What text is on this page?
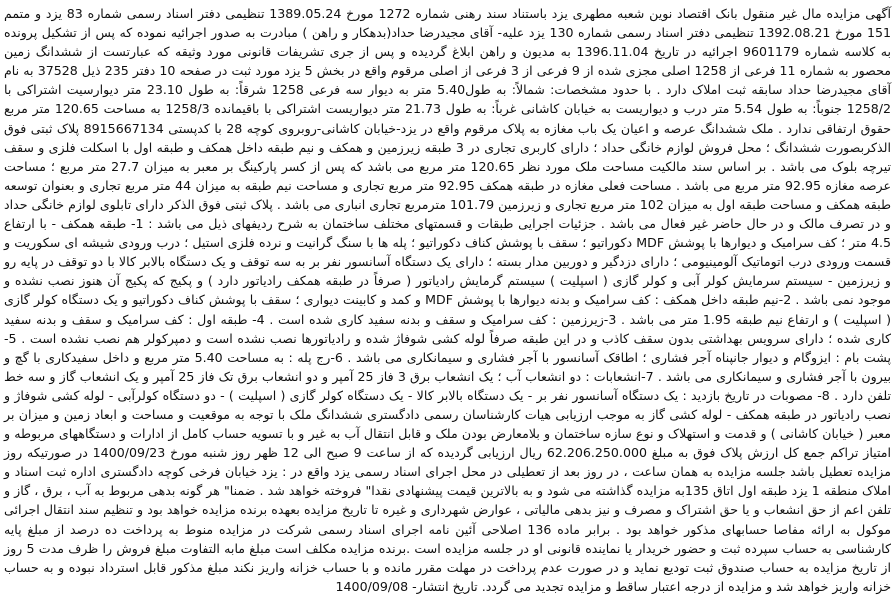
آگهی مزایده مال غیر منقول بانک اقتصاد نوین شعبه مطهری یزد باستناد سند رهنی شماره 1272 مورخ 1389.05.24 تنظیمی دفتر اسناد رسمی شماره 83 یزد و متمم 151 مورخ 1392.08.21 تنظیمی دفتر اسناد رسمی شماره 130 یزد علیه- آقای مجیدرضا حداد(بدهکار و راهن ) مبادرت به صدور اجرائیه نموده که پس از تشکیل پرونده به کلاسه شماره 9601179 اجرائیه در تاریخ 1396.11.04 به مدیون و راهن ابلاغ گردیده و پس از جری تشریفات قانونی مورد وثیقه که عبارتست از ششدانگ زمین محصور به شماره 11 فرعی از 1258 اصلی مجزی شده از 9 فرعی از 3 فرعی از اصلی مرقوم واقع در بخش 5 یزد مورد ثبت در صفحه 10 دفتر 235 ذیل 37528 به نام آقای مجیدرضا حداد سابقه ثبت املاک دارد . با حدود مشخصات: شمالاً: به طول5.40 متر به دیوار سه فرعی 1258 شرقاً: به طول 23.10 متر دیوارسیت اشتراکی با 1258/2 جنوباً: به طول 5.54 متر درب و دیواریست به خیابان کاشانی غرباً: به طول 21.73 متر دیواریست اشتراکی با باقیمانده 1258/3 به مساحت 120.65 متر مربع حقوق ارتفاقی ندارد . ملک ششدانگ عرصه و اعیان یک باب مغازه به پلاک مرقوم واقع در یزد-خیابان کاشانی-روبروی کوچه 28 با کدپستی 8915667134 پلاک ثبتی فوق الذکربصورت ششدانگ ؛ محل فروش لوازم خانگی حداد ؛ دارای کاربری تجاری در 3 طبقه زیرزمین و همکف و نیم طبقه داخل همکف و طبقه اول با اسکلت فلزی و سقف تیرچه بلوک می باشد . بر اساس سند مالکیت مساحت ملک مورد نظر 120.65 متر مربع می باشد که پس از کسر پارکینگ بر معبر به میزان 27.7 متر مربع ؛ مساحت عرصه مغازه 92.95 متر مربع می باشد . مساحت فعلی مغازه در طبقه همکف 92.95 متر مربع تجاری و مساحت نیم طبقه به میزان 44 متر مربع تجاری و بعنوان توسعه طبقه همکف و مساحت طبقه اول به میزان 102 متر مربع تجاری و زیرزمین 101.79 مترمربع تجاری انباری می باشد . پلاک ثبتی فوق الذکر دارای تابلوی لوازم خانگی حداد و در تصرف مالک و در حال حاضر غیر فعال می باشد . جزئیات اجرایی طبقات و قسمتهای مختلف ساختمان به شرح ردیفهای ذیل می باشد : 1- طبقه همکف - با ارتفاع 4.5 متر ؛ کف سرامیک و دیوارها با پوشش MDF دکوراتیو ؛ سقف با پوشش کناف دکوراتیو ؛ پله ها با سنگ گرانیت و نرده فلزی استیل ؛ درب ورودی شیشه ای سکوریت و قسمت ورودی درب اتوماتیک آلومینیومی ؛ دارای دزدگیر و دوربین مدار بسته ؛ دارای یک دستگاه آسانسور نفر بر به سه توقف و یک دستگاه بالابر کالا با دو توقف در پایه رو و زیرزمین - سیستم سرمایش کولر آبی و کولر گازی ( اسپلیت ) سیستم گرمایش رادیاتور ( صرفاً در طبقه همکف رادیاتور دارد ) و پکیج که پکیج آن هنوز نصب نشده و موجود نمی باشد . 2-نیم طبقه داخل همکف : کف سرامیک و بدنه دیوارها با پوشش MDF و کمد و کابینت دیواری ؛ سقف با پوشش کناف دکوراتیو و یک دستگاه کولر گازی ( اسپلیت ) و ارتفاع نیم طبقه 1.95 متر می باشد . 3-زیرزمین : کف سرامیک و سقف و بدنه سفید کاری شده است . 4- طبقه اول : کف سرامیک و سقف و بدنه سفید کاری شده ؛ دارای سرویس بهداشتی بدون سقف کاذب و در این طبقه صرفاً لوله کشی شوفاژ شده و رادیاتورها نصب نشده است و دمپرکولر هم نصب نشده است . 5- پشت بام : ایزوگام و دیوار جانپناه آجر فشاری ؛ اطاقک آسانسور با آجر فشاری و سیمانکاری می باشد . 6-رج پله : به مساحت 5.40 متر مربع و داخل سفیدکاری با گچ و بیرون با آجر فشاری و سیمانکاری می باشد . 7-انشعابات : دو انشعاب آب ؛ یک انشعاب برق 3 فاز 25 آمپر و دو انشعاب برق تک فاز 25 آمپر و یک انشعاب گاز و سه خط تلفن دارد . 8- مصوبات در تاریخ بازدید : یک دستگاه آسانسور نفر بر - یک دستگاه بالابر کالا - یک دستگاه کولر گازی ( اسپلیت ) - دو دستگاه کولرآبی - لوله کشی شوفاژ و نصب رادیاتور در طبقه همکف - لوله کشی گاز به موجب ارزیابی هیات کارشناسان رسمی دادگستری ششدانگ ملک با توجه به موقعیت و مساحت و ابعاد زمین و میزان بر معبر ( خیابان کاشانی ) و قدمت و استهلاک و نوع سازه ساختمان و بلامعارض بودن ملک و قابل انتقال آب به غیر و با تسویه حساب کامل از ادارات و دستگاههای مربوطه و امتیاز تراکم جمع کل ارزش پلاک فوق به مبلغ 62.206.250.000 ریال ارزیابی گردیده که از ساعت 9 صبح الی 12 ظهر روز شنبه مورخ 1400/09/23 در صورتیکه روز مزایده تعطیل باشد جلسه مزایده به همان ساعت ، در روز بعد از تعطیلی در محل اجرای اسناد رسمی یزد واقع در : یزد خیابان فرخی کوچه دادگستری اداره ثبت اسناد و املاک منطقه 1 یزد طبقه اول اتاق 135به مزایده گذاشته می شود و به بالاترین قیمت پیشنهادی نقدا" فروخته خواهد شد . ضمنا" هر گونه بدهی مربوط به آب ، برق ، گاز و تلفن اعم از حق انشعاب و یا حق اشتراک و مصرف و نیز بدهی مالیاتی ، عوارض شهرداری و غیره تا تاریخ مزایده بعهده برنده مزایده خواهد بود و تنظیم سند انتقال اجرائی موکول به ارائه مفاصا حسابهای مذکور خواهد بود . برابر ماده 136 اصلاحی آئین نامه اجرای اسناد رسمی شرکت در مزایده منوط به پرداخت ده درصد از مبلغ پایه کارشناسی به حساب سپرده ثبت و حضور خریدار یا نماینده قانونی او در جلسه مزایده است .برنده مزایده مکلف است مبلغ مابه التفاوت مبلغ فروش را ظرف مدت 5 روز از تاریخ مزایده به حساب صندوق ثبت تودیع نماید و در صورت عدم پرداخت در مهلت مقرر مانده و با حساب خزانه واریز نکند مبلغ مذکور قابل استرداد نبوده و به حساب خزانه واریز خواهد شد و مزایده از درجه اعتبار ساقط و مزایده تجدید می گردد. تاریخ انتشار- 1400/09/08
